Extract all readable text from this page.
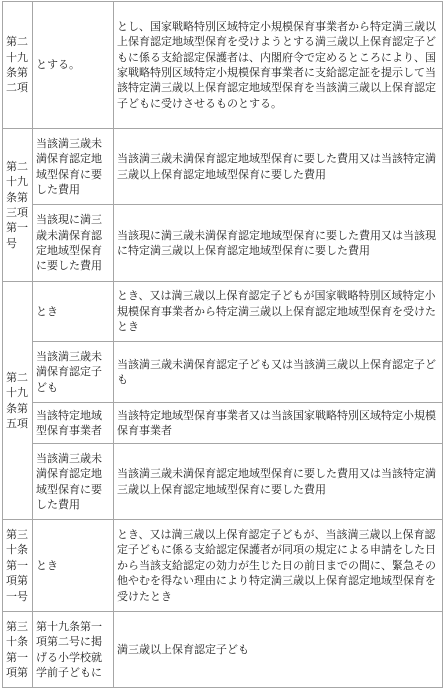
第二十九条第二項	とする。	とし、国家戦略特別区域特定小規模保育事業者から特定満三歳以上保育認定地域型保育を受けようとする満三歳以上保育認定子どもに係る支給認定保護者は、内閣府令で定めるところにより、国家戦略特別区域特定小規模保育事業者に支給認定証を提示して当該特定満三歳以上保育認定地域型保育を当該満三歳以上保育認定子どもに受けさせるものとする。
第二十九条第三項第一号	当該満三歳未満保育認定地域型保育に要した費用	当該満三歳未満保育認定地域型保育に要した費用又は当該特定満三歳以上保育認定地域型保育に要した費用
	当該現に満三歳未満保育認定地域型保育に要した費用	当該現に満三歳未満保育認定地域型保育に要した費用又は当該現に特定満三歳以上保育認定地域型保育に要した費用
第二十九条第五項	とき	とき、又は満三歳以上保育認定子どもが国家戦略特別区域特定小規模保育事業者から特定満三歳以上保育認定地域型保育を受けたとき
	当該満三歳未満保育認定子ども	当該満三歳未満保育認定子ども又は当該満三歳以上保育認定子ども
	当該特定地域型保育事業者	当該特定地域型保育事業者又は当該国家戦略特別区域特定小規模保育事業者
	当該満三歳未満保育認定地域型保育に要した費用	当該満三歳未満保育認定地域型保育に要した費用又は当該特定満三歳以上保育認定地域型保育に要した費用
第三十条第一項第一号	とき	とき、又は満三歳以上保育認定子どもが、当該満三歳以上保育認定子どもに係る支給認定保護者が同項の規定による申請をした日から当該支給認定の効力が生じた日の前日までの間に、緊急その他やむを得ない理由により特定満三歳以上保育認定地域型保育を受けたとき
第三十条第一項第	第十九条第一項第二号に掲げる小学校就学前子どもに	満三歳以上保育認定子ども
